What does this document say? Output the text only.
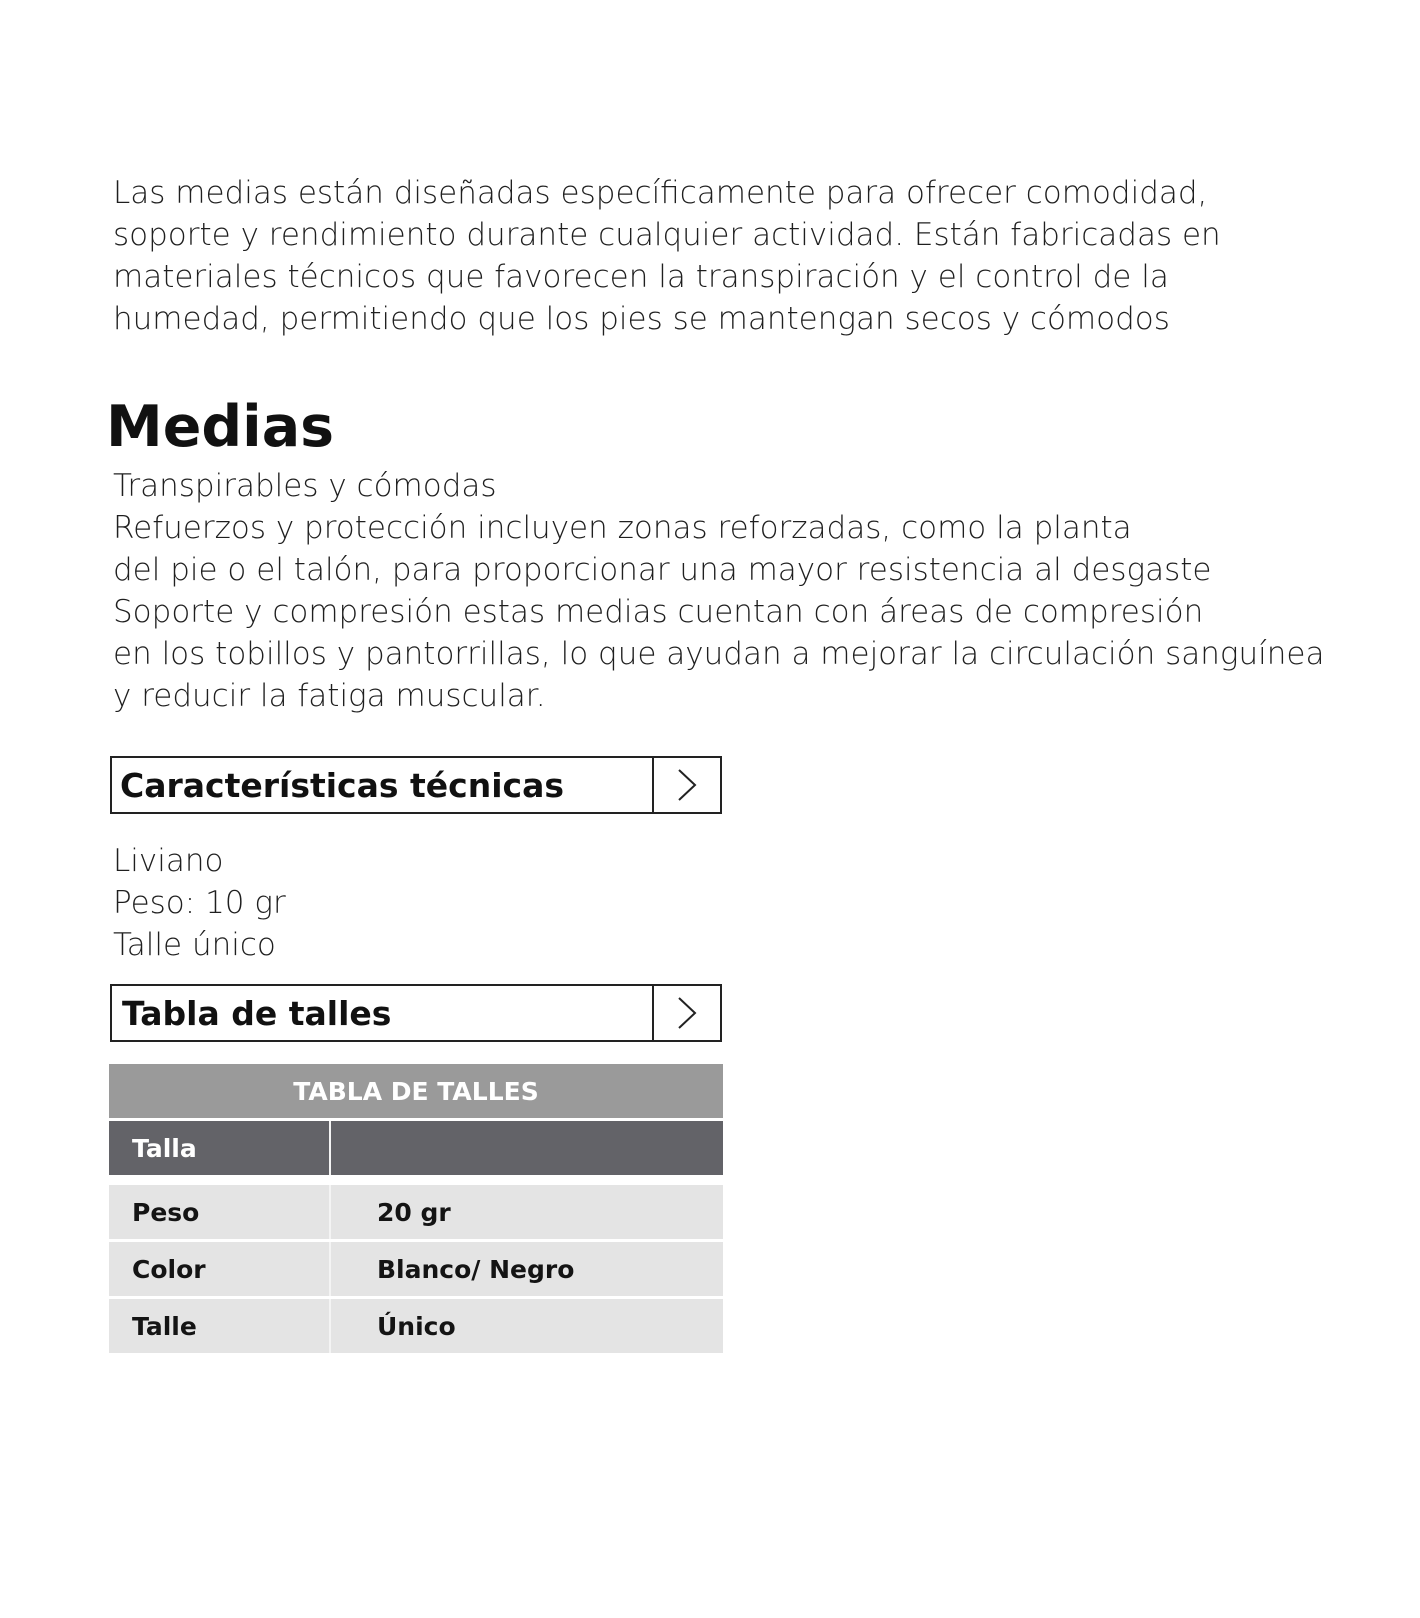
Las medias están diseñadas específicamente para ofrecer comodidad,
soporte y rendimiento durante cualquier actividad. Están fabricadas en
materiales técnicos que favorecen la transpiración y el control de la
humedad, permitiendo que los pies se mantengan secos y cómodos
Medias
Transpirables y cómodas
Refuerzos y protección incluyen zonas reforzadas, como la planta
del pie o el talón, para proporcionar una mayor resistencia al desgaste
Soporte y compresión estas medias cuentan con áreas de compresión
en los tobillos y pantorrillas, lo que ayudan a mejorar la circulación sanguínea
y reducir la fatiga muscular.
Características técnicas
Liviano
Peso: 10 gr
Talle único
Tabla de talles
TABLA DE TALLES
Talla
Peso	20 gr
Color	Blanco/ Negro
Talle	Único
